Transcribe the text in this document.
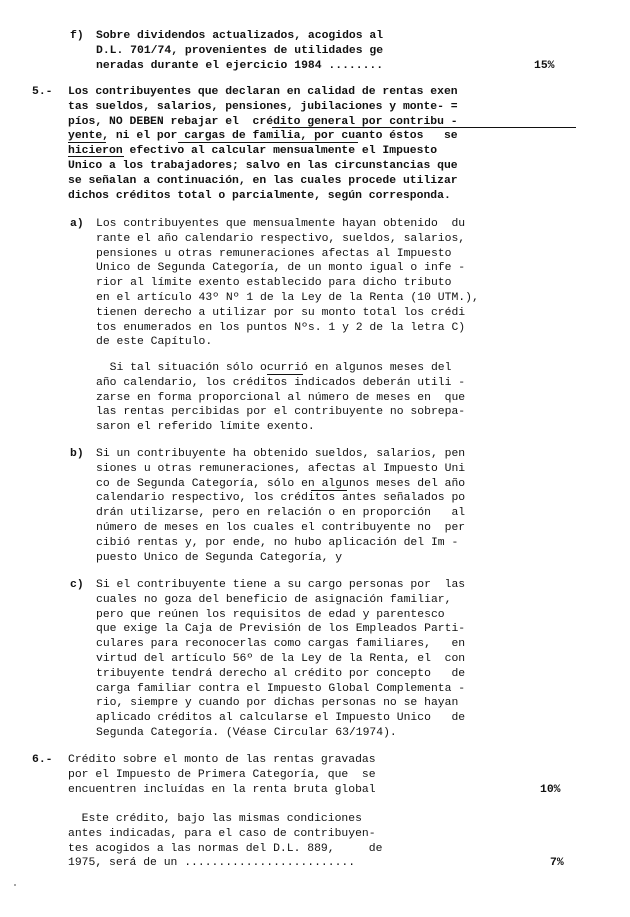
f) Sobre dividendos actualizados, acogidos al
D.L. 701/74, provenientes de utilidades ge
neradas durante el ejercicio 1984 ........	15%
5.- Los contribuyentes que declaran en calidad de rentas exen
tas sueldos, salarios, pensiones, jubilaciones y monte- =
píos, NO DEBEN rebajar el  crédito general por contribu -
yente, ni el por cargas de familia, por cuanto éstos   se
hicieron efectivo al calcular mensualmente el Impuesto
Unico a los trabajadores; salvo en las circunstancias que
se señalan a continuación, en las cuales procede utilizar
dichos créditos total o parcialmente, según corresponda.
a) Los contribuyentes que mensualmente hayan obtenido  du
rante el año calendario respectivo, sueldos, salarios,
pensiones u otras remuneraciones afectas al Impuesto
Unico de Segunda Categoría, de un monto igual o infe -
rior al límite exento establecido para dicho tributo
en el artículo 43º Nº 1 de la Ley de la Renta (10 UTM.),
tienen derecho a utilizar por su monto total los crédi
tos enumerados en los puntos Nºs. 1 y 2 de la letra C)
de este Capítulo.
Si tal situación sólo ocurrió en algunos meses del
año calendario, los créditos indicados deberán utili -
zarse en forma proporcional al número de meses en  que
las rentas percibidas por el contribuyente no sobrepa-
saron el referido límite exento.
b) Si un contribuyente ha obtenido sueldos, salarios, pen
siones u otras remuneraciones, afectas al Impuesto Uni
co de Segunda Categoría, sólo en algunos meses del año
calendario respectivo, los créditos antes señalados po
drán utilizarse, pero en relación o en proporción   al
número de meses en los cuales el contribuyente no  per
cibió rentas y, por ende, no hubo aplicación del Im -
puesto Unico de Segunda Categoría, y
c) Si el contribuyente tiene a su cargo personas por  las
cuales no goza del beneficio de asignación familiar,
pero que reúnen los requisitos de edad y parentesco
que exige la Caja de Previsión de los Empleados Parti-
culares para reconocerlas como cargas familiares,   en
virtud del artículo 56º de la Ley de la Renta, el  con
tribuyente tendrá derecho al crédito por concepto   de
carga familiar contra el Impuesto Global Complementa -
rio, siempre y cuando por dichas personas no se hayan
aplicado créditos al calcularse el Impuesto Unico   de
Segunda Categoría. (Véase Circular 63/1974).
6.- Crédito sobre el monto de las rentas gravadas
por el Impuesto de Primera Categoría, que  se
encuentren incluídas en la renta bruta global	10%
Este crédito, bajo las mismas condiciones
antes indicadas, para el caso de contribuyen-
tes acogidos a las normas del D.L. 889,     de
1975, será de un .........................	7%
